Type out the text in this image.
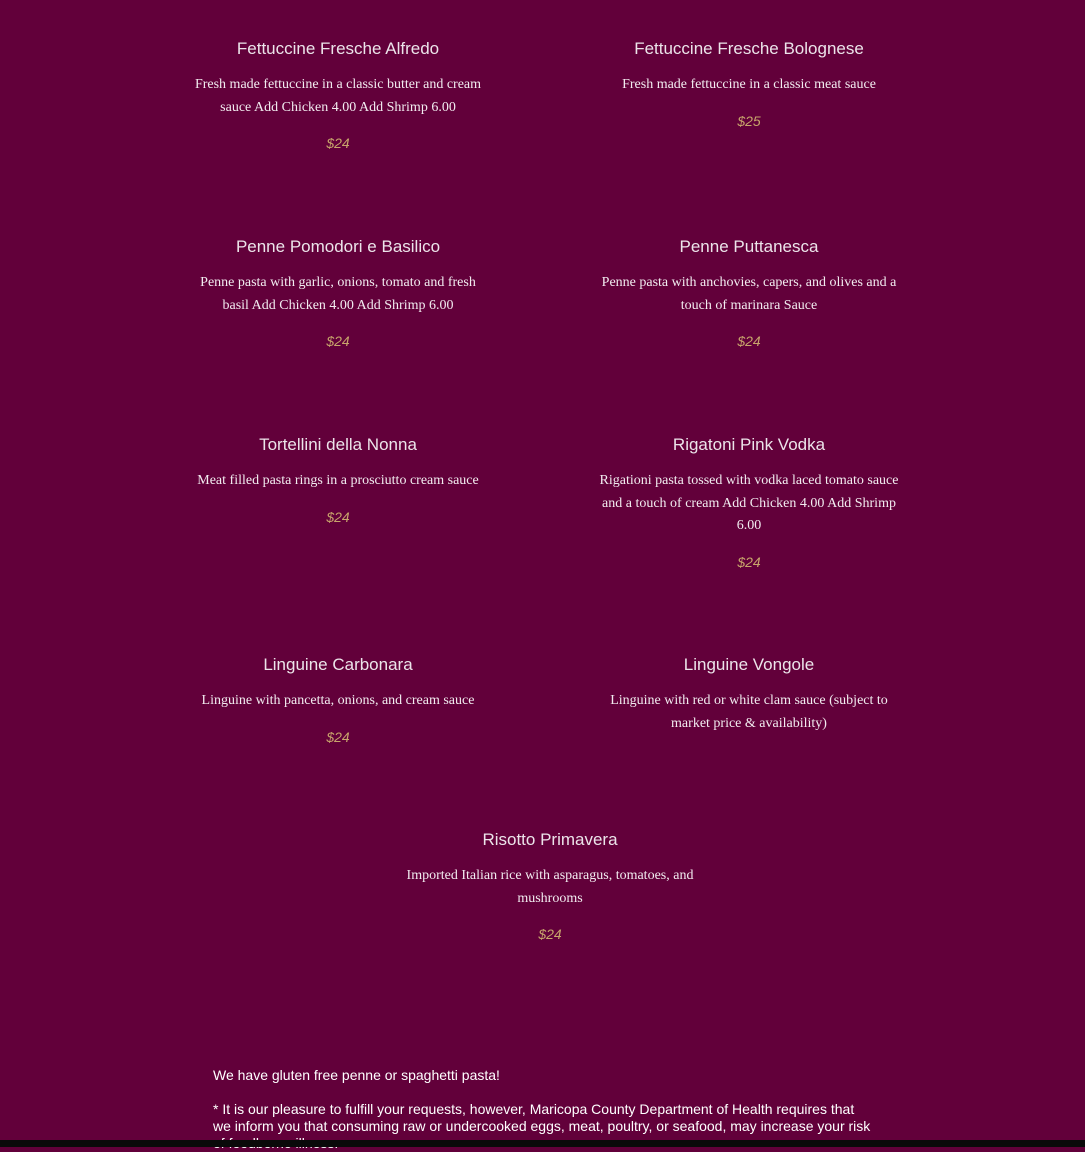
Fettuccine Fresche Alfredo
Fresh made fettuccine in a classic butter and cream sauce Add Chicken 4.00 Add Shrimp 6.00
$24
Fettuccine Fresche Bolognese
Fresh made fettuccine in a classic meat sauce
$25
Penne Pomodori e Basilico
Penne pasta with garlic, onions, tomato and fresh basil Add Chicken 4.00 Add Shrimp 6.00
$24
Penne Puttanesca
Penne pasta with anchovies, capers, and olives and a touch of marinara Sauce
$24
Tortellini della Nonna
Meat filled pasta rings in a prosciutto cream sauce
$24
Rigatoni Pink Vodka
Rigationi pasta tossed with vodka laced tomato sauce and a touch of cream Add Chicken 4.00 Add Shrimp 6.00
$24
Linguine Carbonara
Linguine with pancetta, onions, and cream sauce
$24
Linguine Vongole
Linguine with red or white clam sauce (subject to market price & availability)
Risotto Primavera
Imported Italian rice with asparagus, tomatoes, and mushrooms
$24

We have gluten free penne or spaghetti pasta!

* It is our pleasure to fulfill your requests, however, Maricopa County Department of Health requires that we inform you that consuming raw or undercooked eggs, meat, poultry, or seafood, may increase your risk
